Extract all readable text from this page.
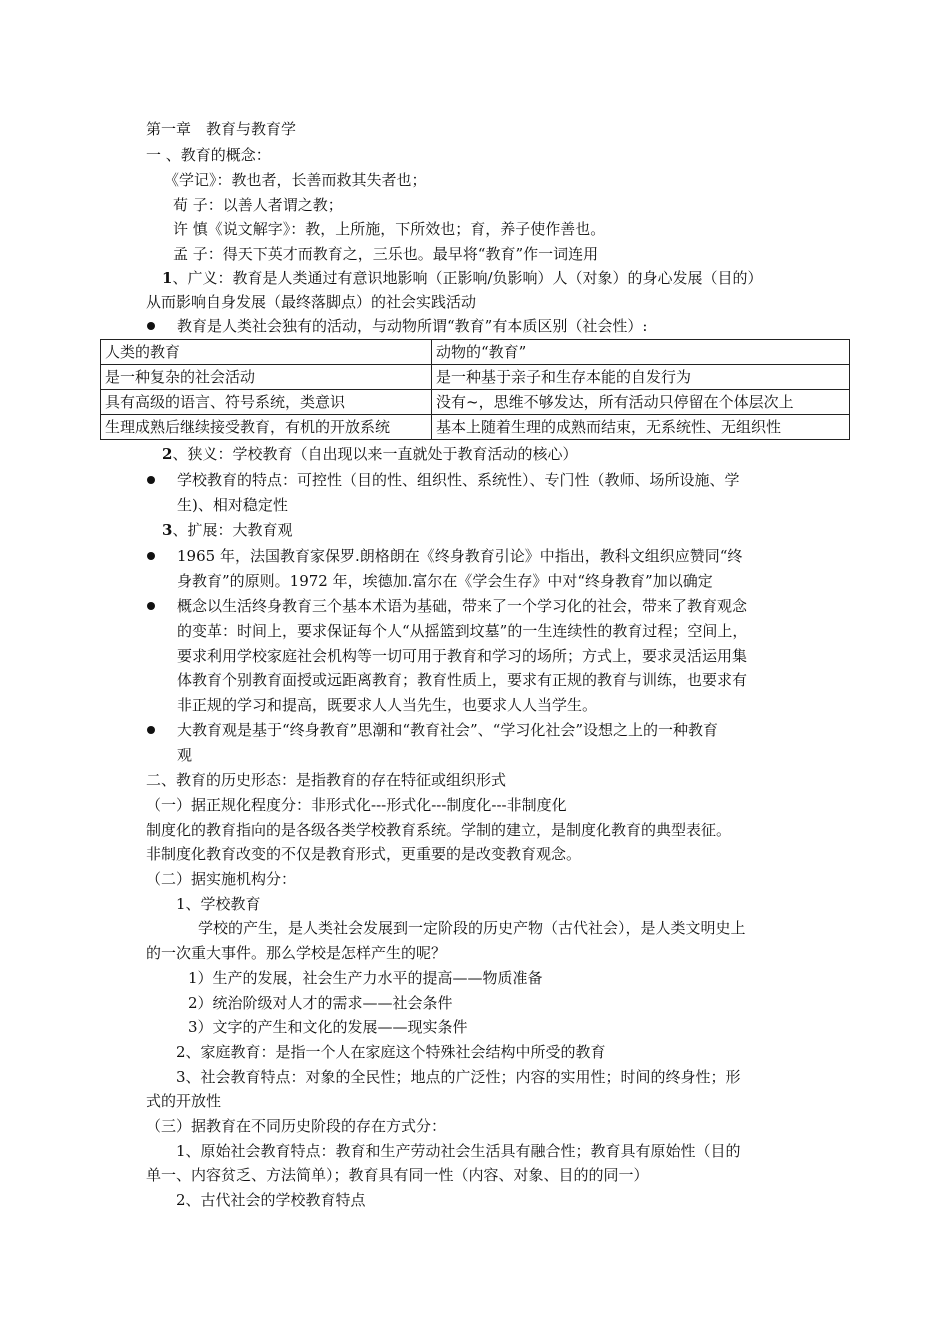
第一章　教育与教育学
一 、教育的概念：
《学记》：教也者，长善而救其失者也；
荀 子：以善人者谓之教；
许 慎《说文解字》：教，上所施，下所效也；育，养子使作善也。
孟 子：得天下英才而教育之，三乐也。最早将“教育”作一词连用
1、广义：教育是人类通过有意识地影响（正影响/负影响）人（对象）的身心发展（目的）
从而影响自身发展（最终落脚点）的社会实践活动
教育是人类社会独有的活动，与动物所谓“教育”有本质区别（社会性）:
人类的教育	动物的“教育”
是一种复杂的社会活动	是一种基于亲子和生存本能的自发行为
具有高级的语言、符号系统，类意识	没有~，思维不够发达，所有活动只停留在个体层次上
生理成熟后继续接受教育，有机的开放系统	基本上随着生理的成熟而结束，无系统性、无组织性
2、狭义：学校教育（自出现以来一直就处于教育活动的核心）
学校教育的特点：可控性（目的性、组织性、系统性）、专门性（教师、场所设施、学
生)、相对稳定性
3、扩展：大教育观
1965 年，法国教育家保罗.朗格朗在《终身教育引论》中指出，教科文组织应赞同“终
身教育”的原则。1972 年，埃德加.富尔在《学会生存》中对“终身教育”加以确定
概念以生活终身教育三个基本术语为基础，带来了一个学习化的社会，带来了教育观念
的变革：时间上，要求保证每个人“从摇篮到坟墓”的一生连续性的教育过程；空间上，
要求利用学校家庭社会机构等一切可用于教育和学习的场所；方式上，要求灵活运用集
体教育个别教育面授或远距离教育；教育性质上，要求有正规的教育与训练，也要求有
非正规的学习和提高，既要求人人当先生，也要求人人当学生。
大教育观是基于“终身教育”思潮和“教育社会”、“学习化社会”设想之上的一种教育
观
二、教育的历史形态：是指教育的存在特征或组织形式
（一）据正规化程度分：非形式化---形式化---制度化---非制度化
制度化的教育指向的是各级各类学校教育系统。学制的建立，是制度化教育的典型表征。
非制度化教育改变的不仅是教育形式，更重要的是改变教育观念。
（二）据实施机构分：
1、学校教育
学校的产生，是人类社会发展到一定阶段的历史产物（古代社会），是人类文明史上
的一次重大事件。那么学校是怎样产生的呢？
1）生产的发展，社会生产力水平的提高——物质准备
2）统治阶级对人才的需求——社会条件
3）文字的产生和文化的发展——现实条件
2、家庭教育：是指一个人在家庭这个特殊社会结构中所受的教育
3、社会教育特点：对象的全民性；地点的广泛性；内容的实用性；时间的终身性；形
式的开放性
（三）据教育在不同历史阶段的存在方式分：
1、原始社会教育特点：教育和生产劳动社会生活具有融合性；教育具有原始性（目的
单一、内容贫乏、方法简单）；教育具有同一性（内容、对象、目的的同一）
2、古代社会的学校教育特点
